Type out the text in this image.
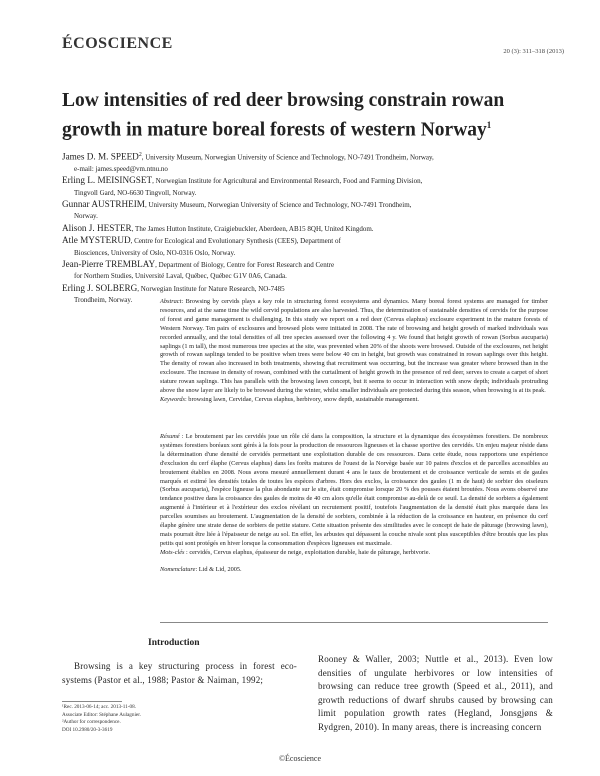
ÉCOSCIENCE	20 (3): 311–318 (2013)
Low intensities of red deer browsing constrain rowan growth in mature boreal forests of western Norway$^1$
James D. M. SPEED$^2$, University Museum, Norwegian University of Science and Technology, NO-7491 Trondheim, Norway,
e-mail: james.speed@vm.ntnu.no
Erling L. MEISINGSET, Norwegian Institute for Agricultural and Environmental Research, Food and Farming Division,
Tingvoll Gard, NO-6630 Tingvoll, Norway.
Gunnar AUSTRHEIM, University Museum, Norwegian University of Science and Technology, NO-7491 Trondheim,
Norway.
Alison J. HESTER, The James Hutton Institute, Craigiebuckler, Aberdeen, AB15 8QH, United Kingdom.
Atle MYSTERUD, Centre for Ecological and Evolutionary Synthesis (CEES), Department of
Biosciences, University of Oslo, NO-0316 Oslo, Norway.
Jean-Pierre TREMBLAY, Department of Biology, Centre for Forest Research and Centre
for Northern Studies, Université Laval, Québec, Québec G1V 0A6, Canada.
Erling J. SOLBERG, Norwegian Institute for Nature Research, NO-7485
Trondheim, Norway.	Abstract: Browsing by cervids plays a key role in structuring forest ecosystems and dynamics. Many boreal forest systems are managed for timber resources, and at the same time the wild cervid populations are also harvested. Thus, the determination of sustainable densities of cervids for the purpose of forest and game management is challenging. In this study we report on a red deer (Cervus elaphus) exclosure experiment in the mature forests of Western Norway. Ten pairs of exclosures and browsed plots were initiated in 2008. The rate of browsing and height growth of marked individuals was recorded annually, and the total densities of all tree species assessed over the following 4 y. We found that height growth of rowan (Sorbus aucuparia) saplings (1 m tall), the most numerous tree species at the site, was prevented when 20% of the shoots were browsed. Outside of the exclosures, net height growth of rowan saplings tended to be positive when trees were below 40 cm in height, but growth was constrained in rowan saplings over this height. The density of rowan also increased in both treatments, showing that recruitment was occurring, but the increase was greater where browsed than in the exclosure. The increase in density of rowan, combined with the curtailment of height growth in the presence of red deer, serves to create a carpet of short stature rowan saplings. This has parallels with the browsing lawn concept, but it seems to occur in interaction with snow depth; individuals protruding above the snow layer are likely to be browsed during the winter, whilst smaller individuals are protected during this season, when browsing is at its peak.

Keywords: browsing lawn, Cervidae, Cervus elaphus, herbivory, snow depth, sustainable management.

Résumé : Le broutement par les cervidés joue un rôle clé dans la composition, la structure et la dynamique des écosystèmes forestiers. De nombreux systèmes forestiers boréaux sont gérés à la fois pour la production de ressources ligneuses et la chasse sportive des cervidés. Un enjeu majeur réside dans la détermination d'une densité de cervidés permettant une exploitation durable de ces ressources. Dans cette étude, nous rapportons une expérience d'exclusion du cerf élaphe (Cervus elaphus) dans les forêts matures de l'ouest de la Norvège basée sur 10 paires d'exclos et de parcelles accessibles au broutement établies en 2008. Nous avons mesuré annuellement durant 4 ans le taux de broutement et de croissance verticale de semis et de gaules marqués et estimé les densités totales de toutes les espèces d'arbres. Hors des exclos, la croissance des gaules (1 m de haut) de sorbier des oiseleurs (Sorbus aucuparia), l'espèce ligneuse la plus abondante sur le site, était compromise lorsque 20 % des pousses étaient broutées. Nous avons observé une tendance positive dans la croissance des gaules de moins de 40 cm alors qu'elle était compromise au-delà de ce seuil. La densité de sorbiers a également augmenté à l'intérieur et à l'extérieur des exclos révélant un recrutement positif, toutefois l'augmentation de la densité était plus marquée dans les parcelles soumises au broutement. L'augmentation de la densité de sorbiers, combinée à la réduction de la croissance en hauteur, en présence du cerf élaphe génère une strate dense de sorbiers de petite stature. Cette situation présente des similitudes avec le concept de haie de pâturage (browsing lawn), mais pourrait être liée à l'épaisseur de neige au sol. En effet, les arbustes qui dépassent la couche nivale sont plus susceptibles d'être broutés que les plus petits qui sont protégés en hiver lorsque la consommation d'espèces ligneuses est maximale.

Mots-clés : cervidés, Cervus elaphus, épaisseur de neige, exploitation durable, haie de pâturage, herbivorie.

Nomenclature: Lid & Lid, 2005.

Introduction

Browsing is a key structuring process in forest eco-systems (Pastor et al., 1988; Pastor & Naiman, 1992;

Rooney & Waller, 2003; Nuttle et al., 2013). Even low densities of ungulate herbivores or low intensities of browsing can reduce tree growth (Speed et al., 2011), and growth reductions of dwarf shrubs caused by browsing can limit population growth rates (Hegland, Jonsgjøns & Rydgren, 2010). In many areas, there is increasing concern

¹Rec. 2013-06-14; acc. 2013-11-08.
Associate Editor: Stéphane Aulagnier.
²Author for correspondence.
DOI 10.2980/20-3-3619
©Écoscience
